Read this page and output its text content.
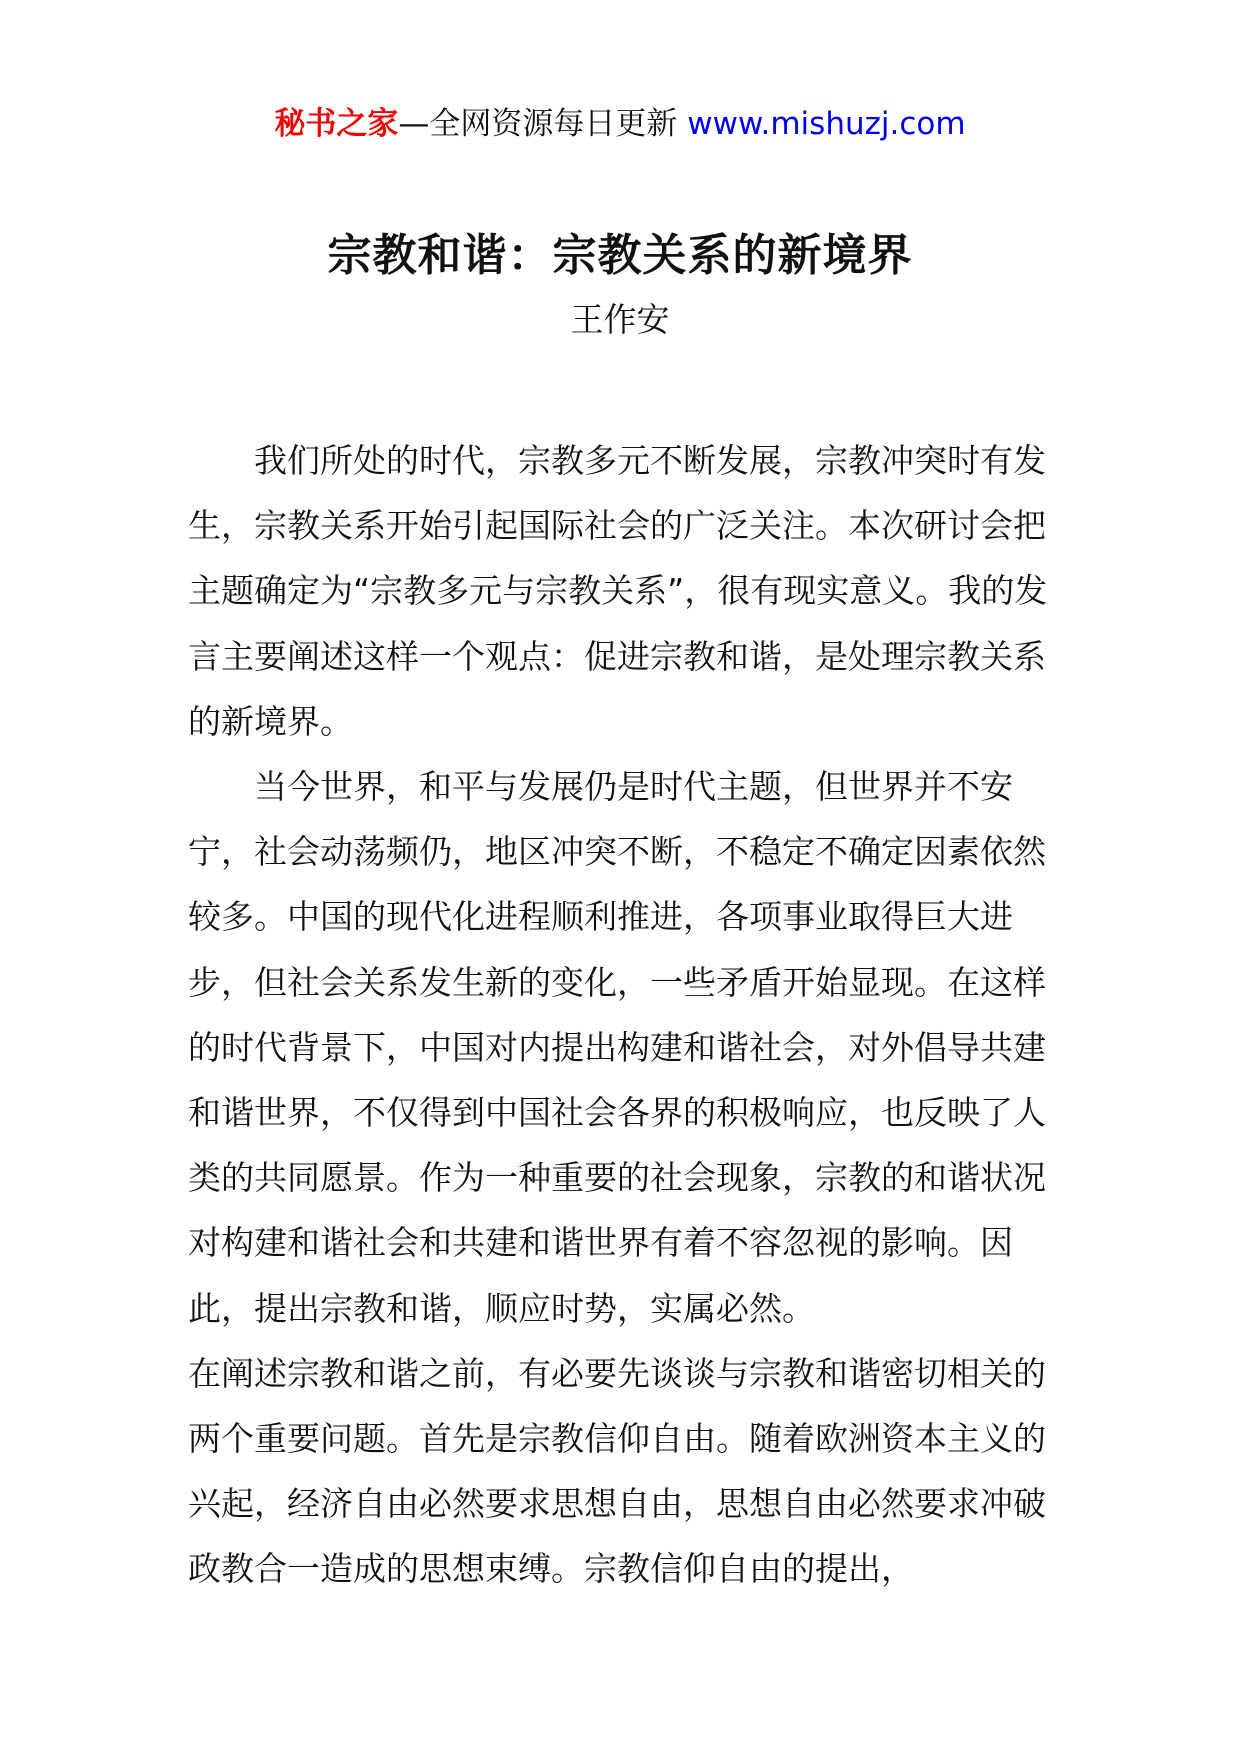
秘书之家—全网资源每日更新 www.mishuzj.com
宗教和谐：宗教关系的新境界
王作安

我们所处的时代，宗教多元不断发展，宗教冲突时有发生，宗教关系开始引起国际社会的广泛关注。本次研讨会把主题确定为“宗教多元与宗教关系”，很有现实意义。我的发言主要阐述这样一个观点：促进宗教和谐，是处理宗教关系的新境界。

当今世界，和平与发展仍是时代主题，但世界并不安宁，社会动荡频仍，地区冲突不断，不稳定不确定因素依然较多。中国的现代化进程顺利推进，各项事业取得巨大进步，但社会关系发生新的变化，一些矛盾开始显现。在这样的时代背景下，中国对内提出构建和谐社会，对外倡导共建和谐世界，不仅得到中国社会各界的积极响应，也反映了人类的共同愿景。作为一种重要的社会现象，宗教的和谐状况对构建和谐社会和共建和谐世界有着不容忽视的影响。因此，提出宗教和谐，顺应时势，实属必然。

在阐述宗教和谐之前，有必要先谈谈与宗教和谐密切相关的两个重要问题。首先是宗教信仰自由。随着欧洲资本主义的兴起，经济自由必然要求思想自由，思想自由必然要求冲破政教合一造成的思想束缚。宗教信仰自由的提出，
